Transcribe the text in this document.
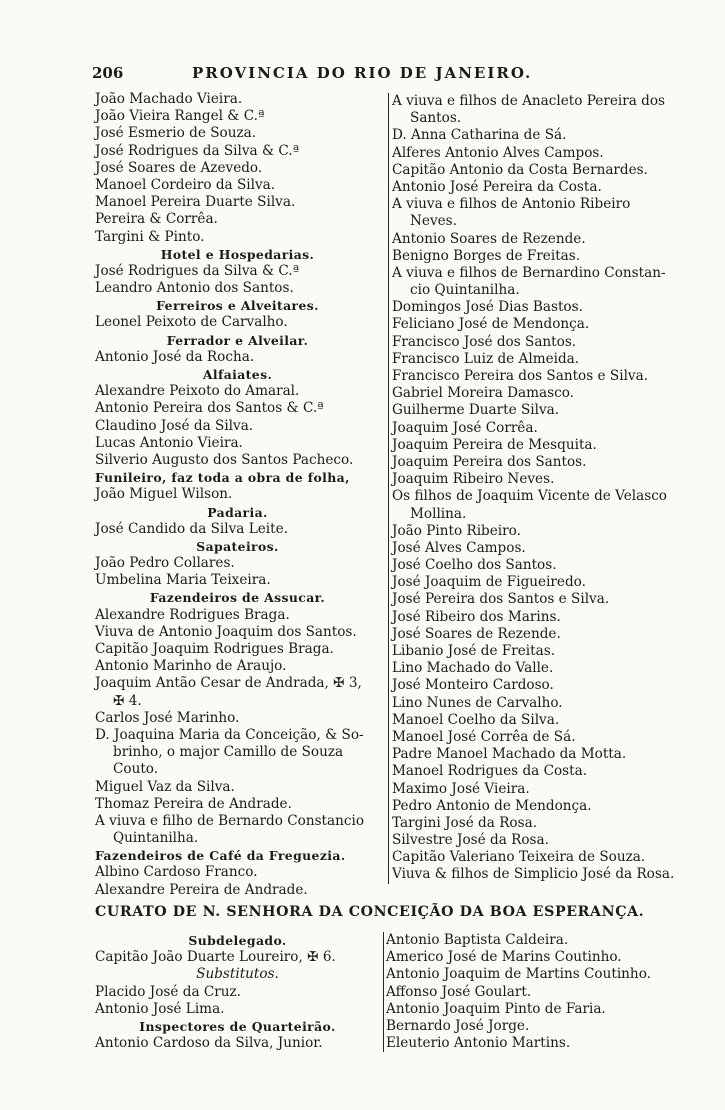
206	PROVINCIA DO RIO DE JANEIRO.
João Machado Vieira.
João Vieira Rangel & C.ª
José Esmerio de Souza.
José Rodrigues da Silva & C.ª
José Soares de Azevedo.
Manoel Cordeiro da Silva.
Manoel Pereira Duarte Silva.
Pereira & Corrêa.
Targini & Pinto.
Hotel e Hospedarias.
José Rodrigues da Silva & C.ª
Leandro Antonio dos Santos.
Ferreiros e Alveitares.
Leonel Peixoto de Carvalho.
Ferrador e Alveilar.
Antonio José da Rocha.
Alfaiates.
Alexandre Peixoto do Amaral.
Antonio Pereira dos Santos & C.ª
Claudino José da Silva.
Lucas Antonio Vieira.
Silverio Augusto dos Santos Pacheco.
Funileiro, faz toda a obra de folha,
João Miguel Wilson.
Padaria.
José Candido da Silva Leite.
Sapateiros.
João Pedro Collares.
Umbelina Maria Teixeira.
Fazendeiros de Assucar.
Alexandre Rodrigues Braga.
Viuva de Antonio Joaquim dos Santos.
Capitão Joaquim Rodrigues Braga.
Antonio Marinho de Araujo.
Joaquim Antão Cesar de Andrada, ✠ 3,
✠ 4.
Carlos José Marinho.
D. Joaquina Maria da Conceição, & So-
brinho, o major Camillo de Souza
Couto.
Miguel Vaz da Silva.
Thomaz Pereira de Andrade.
A viuva e filho de Bernardo Constancio
Quintanilha.
Fazendeiros de Café da Freguezia.
Albino Cardoso Franco.
Alexandre Pereira de Andrade.
A viuva e filhos de Anacleto Pereira dos
Santos.
D. Anna Catharina de Sá.
Alferes Antonio Alves Campos.
Capitão Antonio da Costa Bernardes.
Antonio José Pereira da Costa.
A viuva e filhos de Antonio Ribeiro
Neves.
Antonio Soares de Rezende.
Benigno Borges de Freitas.
A viuva e filhos de Bernardino Constan-
cio Quintanilha.
Domingos José Dias Bastos.
Feliciano José de Mendonça.
Francisco José dos Santos.
Francisco Luiz de Almeida.
Francisco Pereira dos Santos e Silva.
Gabriel Moreira Damasco.
Guilherme Duarte Silva.
Joaquim José Corrêa.
Joaquim Pereira de Mesquita.
Joaquim Pereira dos Santos.
Joaquim Ribeiro Neves.
Os filhos de Joaquim Vicente de Velasco
Mollina.
João Pinto Ribeiro.
José Alves Campos.
José Coelho dos Santos.
José Joaquim de Figueiredo.
José Pereira dos Santos e Silva.
José Ribeiro dos Marins.
José Soares de Rezende.
Libanio José de Freitas.
Lino Machado do Valle.
José Monteiro Cardoso.
Lino Nunes de Carvalho.
Manoel Coelho da Silva.
Manoel José Corrêa de Sá.
Padre Manoel Machado da Motta.
Manoel Rodrigues da Costa.
Maximo José Vieira.
Pedro Antonio de Mendonça.
Targini José da Rosa.
Silvestre José da Rosa.
Capitão Valeriano Teixeira de Souza.
Viuva & filhos de Simplicio José da Rosa.
CURATO DE N. SENHORA DA CONCEIÇÃO DA BOA ESPERANÇA.
Subdelegado.
Capitão João Duarte Loureiro, ✠ 6.
Substitutos.
Placido José da Cruz.
Antonio José Lima.
Inspectores de Quarteirão.
Antonio Cardoso da Silva, Junior.
Antonio Baptista Caldeira.
Americo José de Marins Coutinho.
Antonio Joaquim de Martins Coutinho.
Affonso José Goulart.
Antonio Joaquim Pinto de Faria.
Bernardo José Jorge.
Eleuterio Antonio Martins.
